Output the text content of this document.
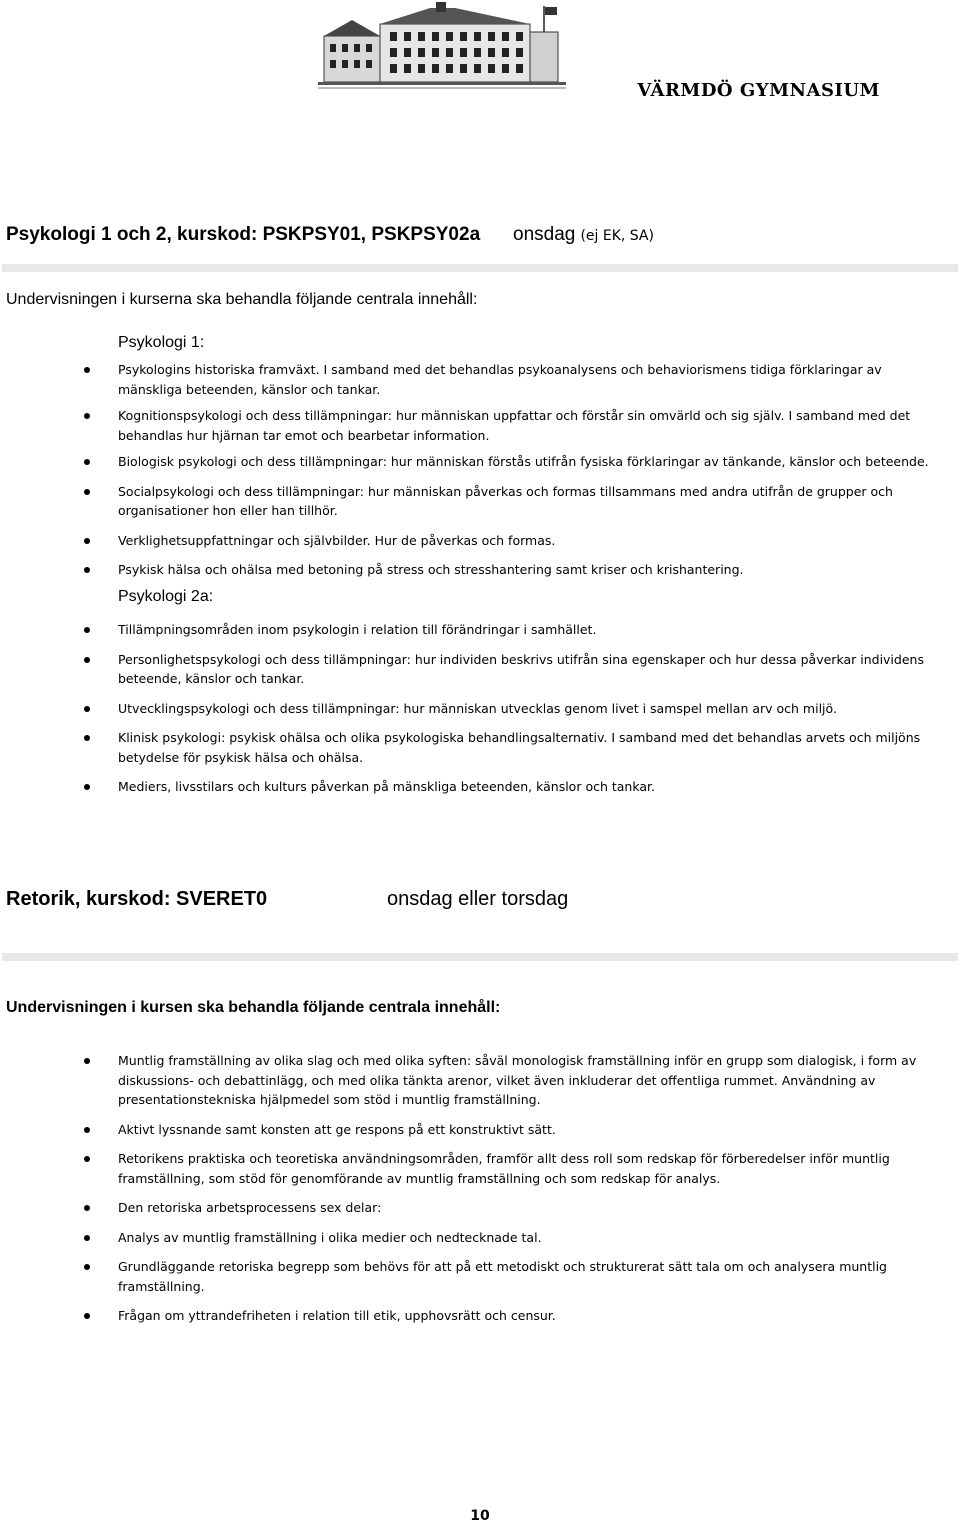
VÄRMDÖ GYMNASIUM
Psykologi 1 och 2, kurskod: PSKPSY01, PSKPSY02a onsdag (ej EK, SA)
Undervisningen i kurserna ska behandla följande centrala innehåll:
Psykologi 1:
Psykologins historiska framväxt. I samband med det behandlas psykoanalysens och behaviorismens tidiga förklaringar av mänskliga beteenden, känslor och tankar.
Kognitionspsykologi och dess tillämpningar: hur människan uppfattar och förstår sin omvärld och sig själv. I samband med det behandlas hur hjärnan tar emot och bearbetar information.
Biologisk psykologi och dess tillämpningar: hur människan förstås utifrån fysiska förklaringar av tänkande, känslor och beteende.
Socialpsykologi och dess tillämpningar: hur människan påverkas och formas tillsammans med andra utifrån de grupper och organisationer hon eller han tillhör.
Verklighetsuppfattningar och självbilder. Hur de påverkas och formas.
Psykisk hälsa och ohälsa med betoning på stress och stresshantering samt kriser och krishantering.
Psykologi 2a:
Tillämpningsområden inom psykologin i relation till förändringar i samhället.
Personlighetspsykologi och dess tillämpningar: hur individen beskrivs utifrån sina egenskaper och hur dessa påverkar individens beteende, känslor och tankar.
Utvecklingspsykologi och dess tillämpningar: hur människan utvecklas genom livet i samspel mellan arv och miljö.
Klinisk psykologi: psykisk ohälsa och olika psykologiska behandlingsalternativ. I samband med det behandlas arvets och miljöns betydelse för psykisk hälsa och ohälsa.
Mediers, livsstilars och kulturs påverkan på mänskliga beteenden, känslor och tankar.
Retorik, kurskod: SVERET0	onsdag eller torsdag
Undervisningen i kursen ska behandla följande centrala innehåll:
Muntlig framställning av olika slag och med olika syften: såväl monologisk framställning inför en grupp som dialogisk, i form av diskussions- och debattinlägg, och med olika tänkta arenor, vilket även inkluderar det offentliga rummet. Användning av presentationstekniska hjälpmedel som stöd i muntlig framställning.
Aktivt lyssnande samt konsten att ge respons på ett konstruktivt sätt.
Retorikens praktiska och teoretiska användningsområden, framför allt dess roll som redskap för förberedelser inför muntlig framställning, som stöd för genomförande av muntlig framställning och som redskap för analys.
Den retoriska arbetsprocessens sex delar:
Analys av muntlig framställning i olika medier och nedtecknade tal.
Grundläggande retoriska begrepp som behövs för att på ett metodiskt och strukturerat sätt tala om och analysera muntlig framställning.
Frågan om yttrandefriheten i relation till etik, upphovsrätt och censur.
10
